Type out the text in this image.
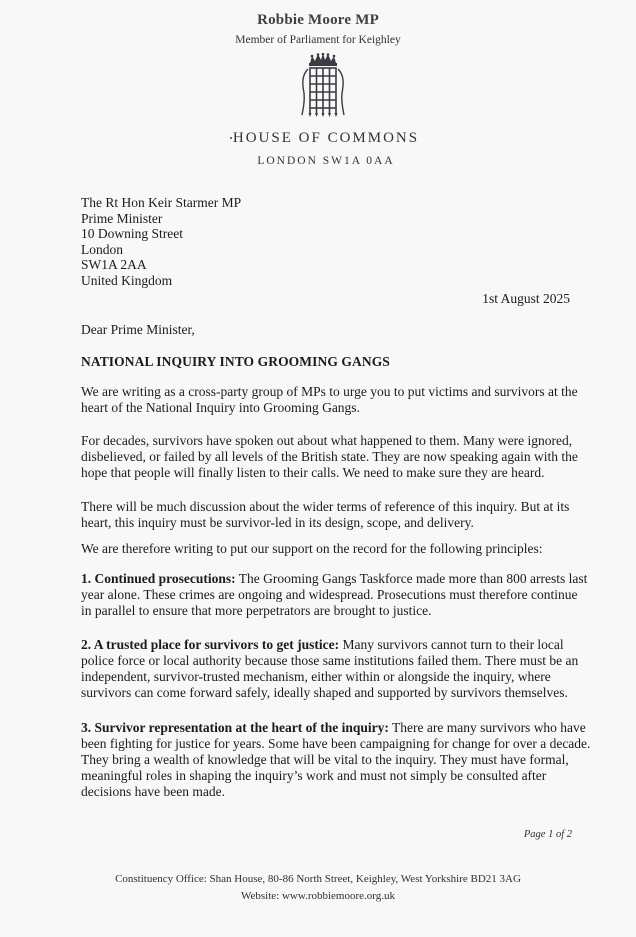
Robbie Moore MP
Member of Parliament for Keighley
HOUSE OF COMMONS
LONDON SW1A 0AA
The Rt Hon Keir Starmer MP
Prime Minister
10 Downing Street
London
SW1A 2AA
United Kingdom
1st August 2025
Dear Prime Minister,
NATIONAL INQUIRY INTO GROOMING GANGS
We are writing as a cross-party group of MPs to urge you to put victims and survivors at the
heart of the National Inquiry into Grooming Gangs.
For decades, survivors have spoken out about what happened to them. Many were ignored,
disbelieved, or failed by all levels of the British state. They are now speaking again with the
hope that people will finally listen to their calls. We need to make sure they are heard.
There will be much discussion about the wider terms of reference of this inquiry. But at its
heart, this inquiry must be survivor-led in its design, scope, and delivery.
We are therefore writing to put our support on the record for the following principles:
1. Continued prosecutions: The Grooming Gangs Taskforce made more than 800 arrests last
year alone. These crimes are ongoing and widespread. Prosecutions must therefore continue
in parallel to ensure that more perpetrators are brought to justice.
2. A trusted place for survivors to get justice: Many survivors cannot turn to their local
police force or local authority because those same institutions failed them. There must be an
independent, survivor-trusted mechanism, either within or alongside the inquiry, where
survivors can come forward safely, ideally shaped and supported by survivors themselves.
3. Survivor representation at the heart of the inquiry: There are many survivors who have
been fighting for justice for years. Some have been campaigning for change for over a decade.
They bring a wealth of knowledge that will be vital to the inquiry. They must have formal,
meaningful roles in shaping the inquiry’s work and must not simply be consulted after
decisions have been made.
Page 1 of 2
Constituency Office: Shan House, 80-86 North Street, Keighley, West Yorkshire BD21 3AG
Website: www.robbiemoore.org.uk
